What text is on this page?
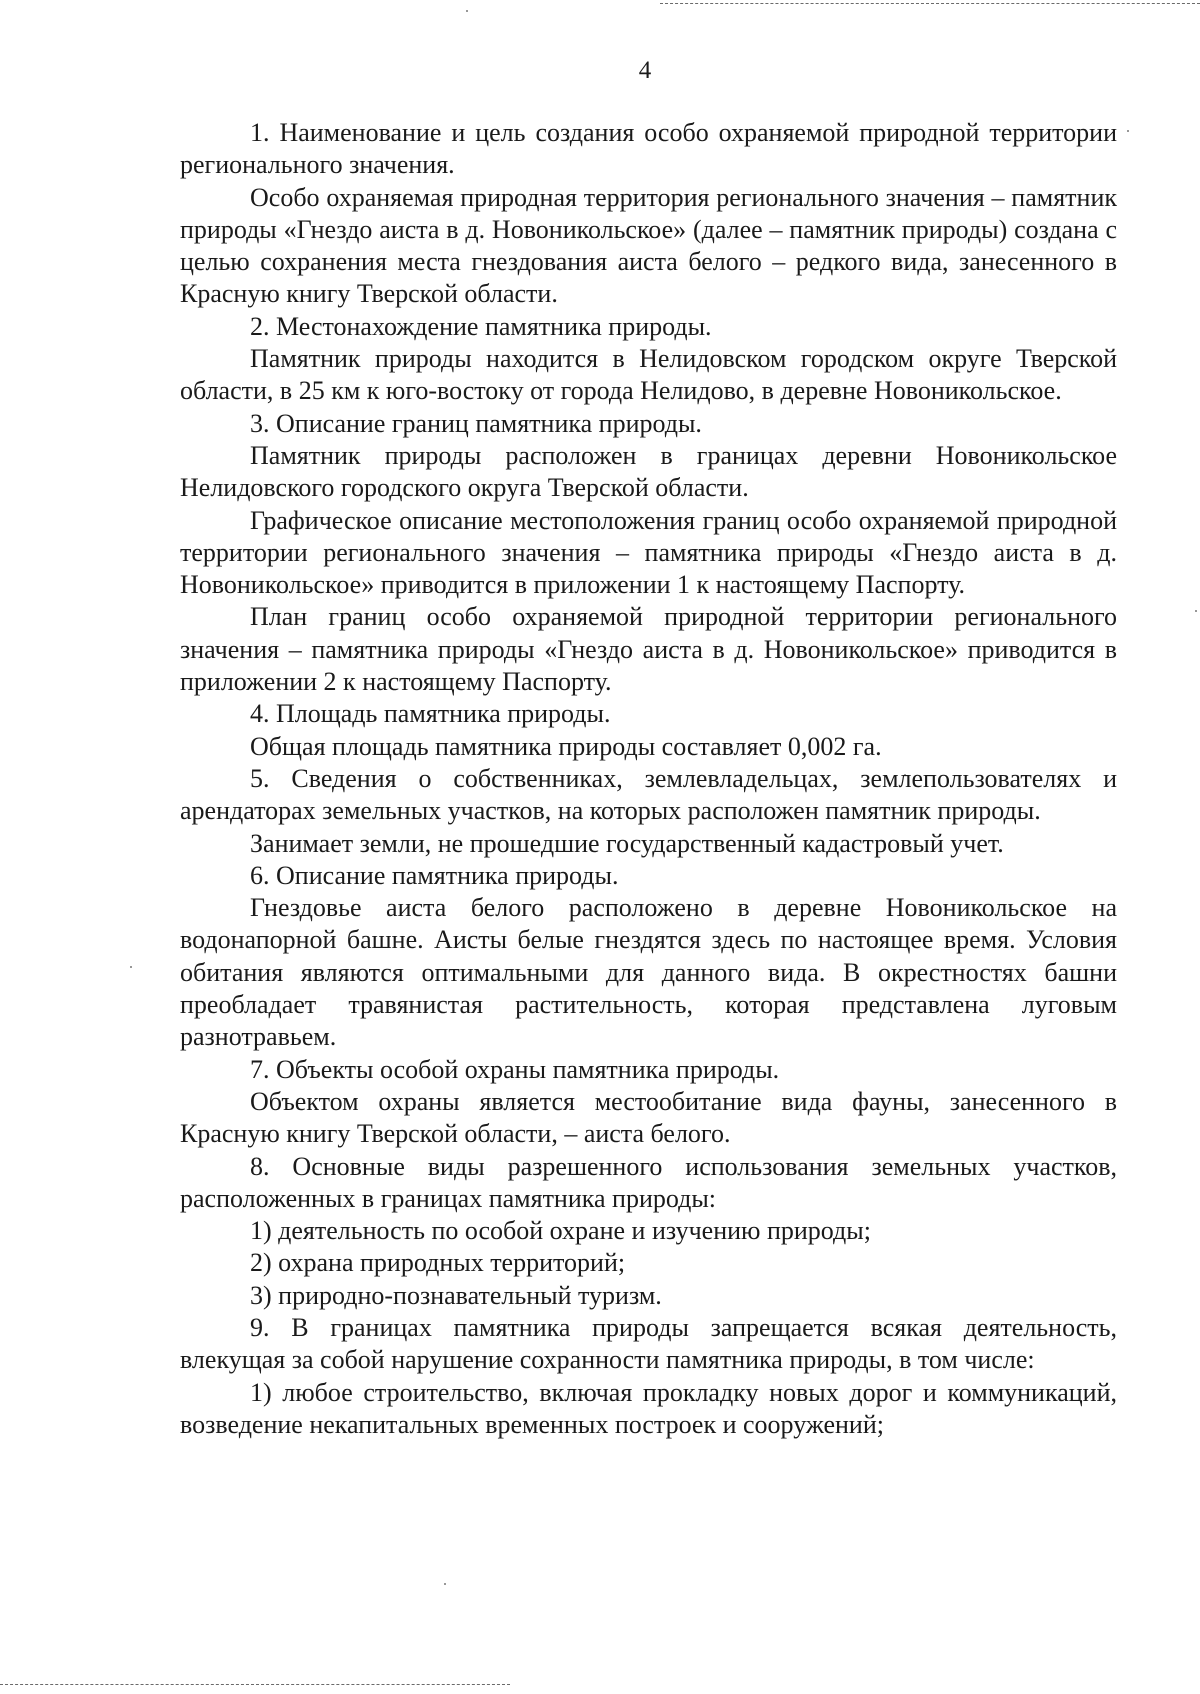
4

1. Наименование и цель создания особо охраняемой природной территории регионального значения.

Особо охраняемая природная территория регионального значения – памятник природы «Гнездо аиста в д. Новоникольское» (далее – памятник природы) создана с целью сохранения места гнездования аиста белого – редкого вида, занесенного в Красную книгу Тверской области.

2. Местонахождение памятника природы.

Памятник природы находится в Нелидовском городском округе Тверской области, в 25 км к юго-востоку от города Нелидово, в деревне Новоникольское.

3. Описание границ памятника природы.

Памятник природы расположен в границах деревни Новоникольское Нелидовского городского округа Тверской области.

Графическое описание местоположения границ особо охраняемой природной территории регионального значения – памятника природы «Гнездо аиста в д. Новоникольское» приводится в приложении 1 к настоящему Паспорту.

План границ особо охраняемой природной территории регионального значения – памятника природы «Гнездо аиста в д. Новоникольское» приводится в приложении 2 к настоящему Паспорту.

4. Площадь памятника природы.

Общая площадь памятника природы составляет 0,002 га.

5. Сведения о собственниках, землевладельцах, землепользователях и арендаторах земельных участков, на которых расположен памятник природы.

Занимает земли, не прошедшие государственный кадастровый учет.

6. Описание памятника природы.

Гнездовье аиста белого расположено в деревне Новоникольское на водонапорной башне. Аисты белые гнездятся здесь по настоящее время. Условия обитания являются оптимальными для данного вида. В окрестностях башни преобладает травянистая растительность, которая представлена луговым разнотравьем.

7. Объекты особой охраны памятника природы.

Объектом охраны является местообитание вида фауны, занесенного в Красную книгу Тверской области, – аиста белого.

8. Основные виды разрешенного использования земельных участков, расположенных в границах памятника природы:

1) деятельность по особой охране и изучению природы;

2) охрана природных территорий;

3) природно-познавательный туризм.

9. В границах памятника природы запрещается всякая деятельность, влекущая за собой нарушение сохранности памятника природы, в том числе:

1) любое строительство, включая прокладку новых дорог и коммуникаций, возведение некапитальных временных построек и сооружений;
